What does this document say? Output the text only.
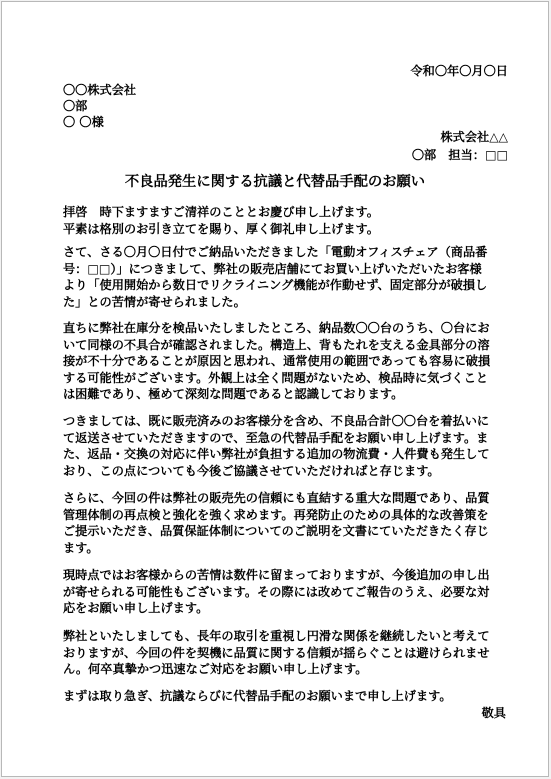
令和〇年〇月〇日
〇〇株式会社
〇部
〇 〇様
株式会社△△
〇部　担当：□□
不良品発生に関する抗議と代替品手配のお願い
拝啓　時下ますますご清祥のこととお慶び申し上げます。
平素は格別のお引き立てを賜り、厚く御礼申し上げます。
さて、さる〇月〇日付でご納品いただきました「電動オフィスチェア（商品番
号：□□）」につきまして、弊社の販売店舗にてお買い上げいただいたお客様
より「使用開始から数日でリクライニング機能が作動せず、固定部分が破損し
た」との苦情が寄せられました。
直ちに弊社在庫分を検品いたしましたところ、納品数〇〇台のうち、〇台にお
いて同様の不具合が確認されました。構造上、背もたれを支える金具部分の溶
接が不十分であることが原因と思われ、通常使用の範囲であっても容易に破損
する可能性がございます。外観上は全く問題がないため、検品時に気づくこと
は困難であり、極めて深刻な問題であると認識しております。
つきましては、既に販売済みのお客様分を含め、不良品合計〇〇台を着払いに
て返送させていただきますので、至急の代替品手配をお願い申し上げます。ま
た、返品・交換の対応に伴い弊社が負担する追加の物流費・人件費も発生して
おり、この点についても今後ご協議させていただければと存じます。
さらに、今回の件は弊社の販売先の信頼にも直結する重大な問題であり、品質
管理体制の再点検と強化を強く求めます。再発防止のための具体的な改善策を
ご提示いただき、品質保証体制についてのご説明を文書にていただきたく存じ
ます。
現時点ではお客様からの苦情は数件に留まっておりますが、今後追加の申し出
が寄せられる可能性もございます。その際には改めてご報告のうえ、必要な対
応をお願い申し上げます。
弊社といたしましても、長年の取引を重視し円滑な関係を継続したいと考えて
おりますが、今回の件を契機に品質に関する信頼が揺らぐことは避けられませ
ん。何卒真摯かつ迅速なご対応をお願い申し上げます。
まずは取り急ぎ、抗議ならびに代替品手配のお願いまで申し上げます。
敬具
